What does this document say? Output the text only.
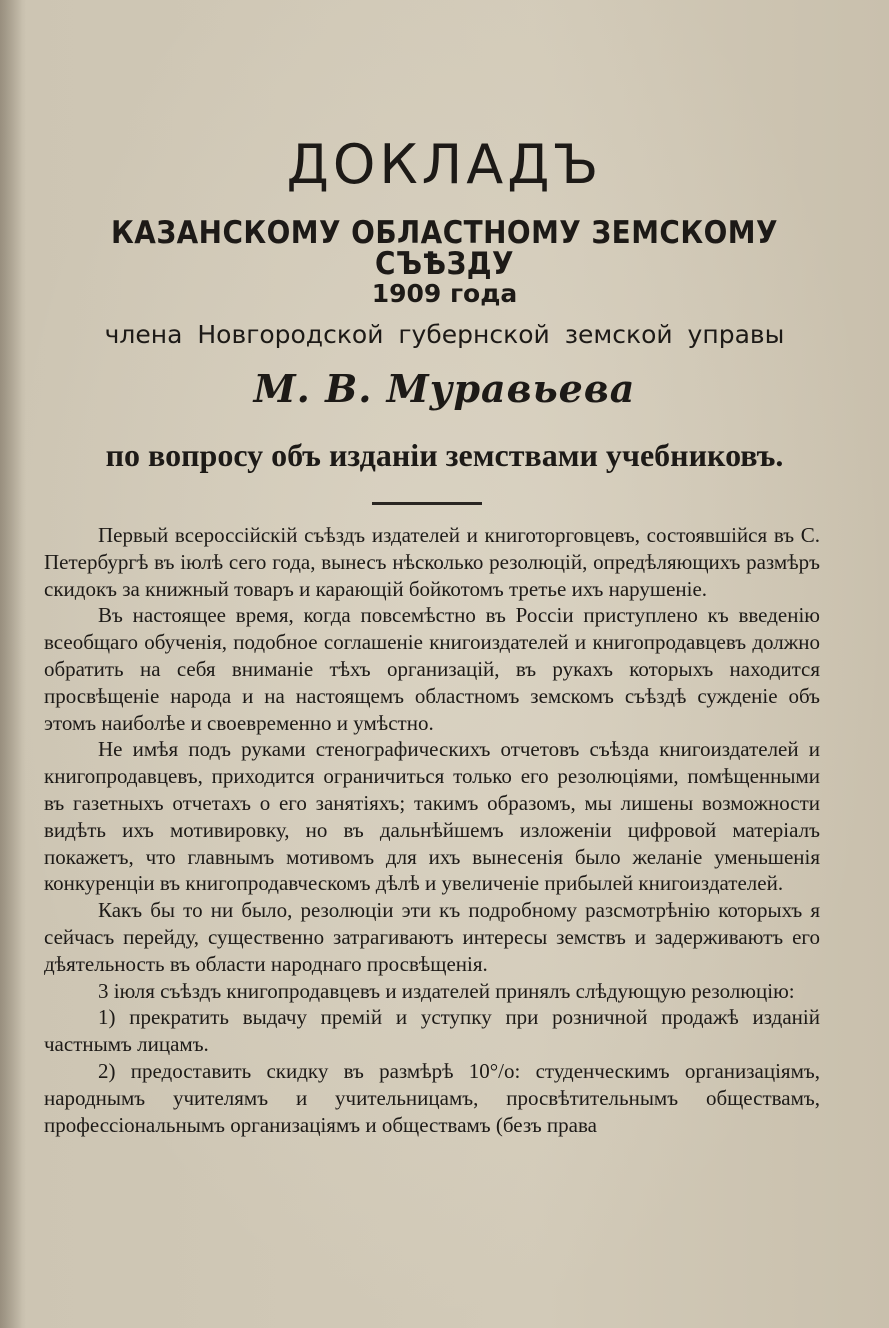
ДОКЛАДЪ
КАЗАНСКОМУ ОБЛАСТНОМУ ЗЕМСКОМУ СЪѢЗДУ
1909 года
члена Новгородской губернской земской управы
М. В. Муравьева
по вопросу объ изданiи земствами учебниковъ.

Первый всероссiйскiй съѣздъ издателей и книготорговцевъ, состоявшiйся въ С. Петербургѣ въ iюлѣ сего года, вынесъ нѣсколько резолюцiй, опредѣляющихъ размѣръ скидокъ за книжный товаръ и карающiй бойкотомъ третье ихъ нарушенiе.

Въ настоящее время, когда повсемѣстно въ Россiи приступлено къ введенiю всеобщаго обученiя, подобное соглашенiе книгоиздателей и книгопродавцевъ должно обратить на себя вниманiе тѣхъ организацiй, въ рукахъ которыхъ находится просвѣщенiе народа и на настоящемъ областномъ земскомъ съѣздѣ сужденiе объ этомъ наиболѣе и своевременно и умѣстно.

Не имѣя подъ руками стенографическихъ отчетовъ съѣзда книгоиздателей и книгопродавцевъ, приходится ограничиться только его резолюцiями, помѣщенными въ газетныхъ отчетахъ о его занятiяхъ; такимъ образомъ, мы лишены возможности видѣть ихъ мотивировку, но въ дальнѣйшемъ изложенiи цифровой матерiалъ покажетъ, что главнымъ мотивомъ для ихъ вынесенiя было желанiе уменьшенiя конкуренцiи въ книгопродавческомъ дѣлѣ и увеличенiе прибылей книгоиздателей.

Какъ бы то ни было, резолюцiи эти къ подробному разсмотрѣнiю которыхъ я сейчасъ перейду, существенно затрагиваютъ интересы земствъ и задерживаютъ его дѣятельность въ области народнаго просвѣщенiя.

3 iюля съѣздъ книгопродавцевъ и издателей принялъ слѣдующую резолюцiю:

1) прекратить выдачу премiй и уступку при розничной продажѣ изданiй частнымъ лицамъ.

2) предоставить скидку въ размѣрѣ 10°/о: студенческимъ организацiямъ, народнымъ учителямъ и учительницамъ, просвѣтительнымъ обществамъ, профессiональнымъ организацiямъ и обществамъ (безъ права
